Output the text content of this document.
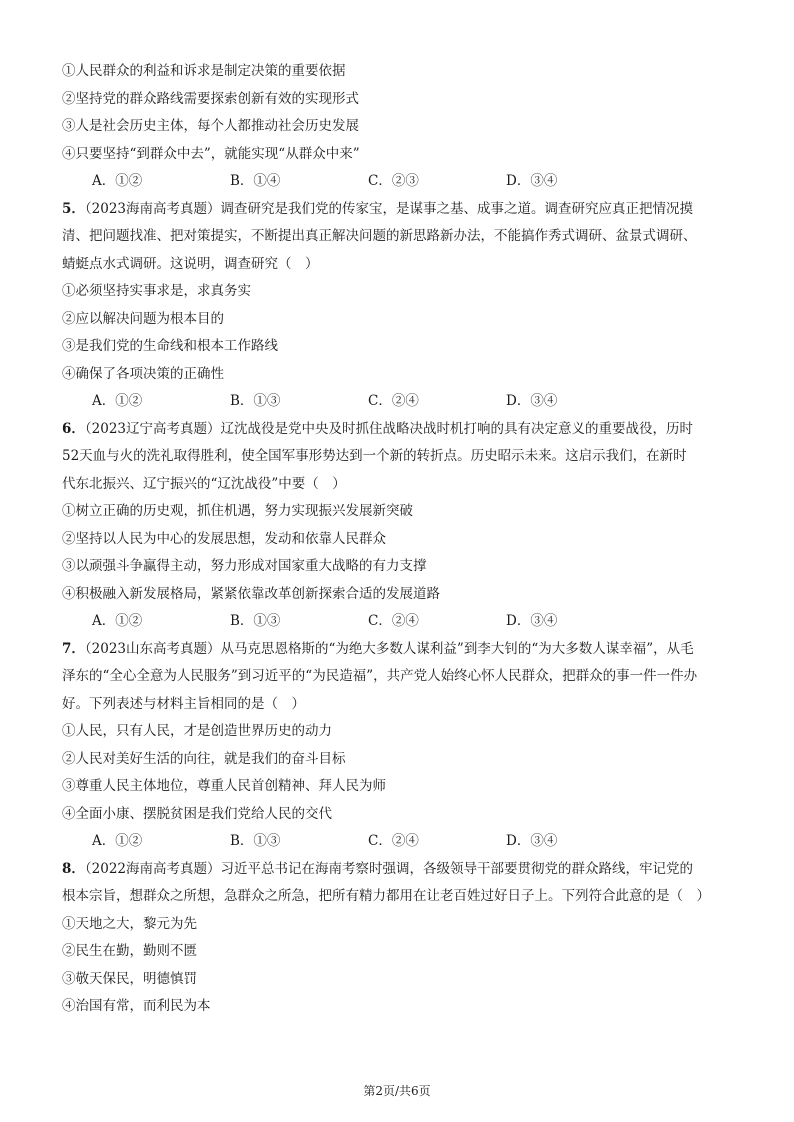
①人民群众的利益和诉求是制定决策的重要依据
②坚持党的群众路线需要探索创新有效的实现形式
③人是社会历史主体，每个人都推动社会历史发展
④只要坚持“到群众中去”，就能实现“从群众中来”
A．①②	B．①④	C．②③	D．③④
5．（2023海南高考真题）调查研究是我们党的传家宝，是谋事之基、成事之道。调查研究应真正把情况摸
清、把问题找准、把对策提实，不断提出真正解决问题的新思路新办法，不能搞作秀式调研、盆景式调研、
蜻蜓点水式调研。这说明，调查研究（　）
①必须坚持实事求是，求真务实
②应以解决问题为根本目的
③是我们党的生命线和根本工作路线
④确保了各项决策的正确性
A．①②	B．①③	C．②④	D．③④
6．（2023辽宁高考真题）辽沈战役是党中央及时抓住战略决战时机打响的具有决定意义的重要战役，历时
52天血与火的洗礼取得胜利，使全国军事形势达到一个新的转折点。历史昭示未来。这启示我们，在新时
代东北振兴、辽宁振兴的“辽沈战役”中要（　）
①树立正确的历史观，抓住机遇，努力实现振兴发展新突破
②坚持以人民为中心的发展思想，发动和依靠人民群众
③以顽强斗争赢得主动，努力形成对国家重大战略的有力支撑
④积极融入新发展格局，紧紧依靠改革创新探索合适的发展道路
A．①②	B．①③	C．②④	D．③④
7．（2023山东高考真题）从马克思恩格斯的“为绝大多数人谋利益”到李大钊的“为大多数人谋幸福”，从毛
泽东的“全心全意为人民服务”到习近平的“为民造福”，共产党人始终心怀人民群众，把群众的事一件一件办
好。下列表述与材料主旨相同的是（　）
①人民，只有人民，才是创造世界历史的动力
②人民对美好生活的向往，就是我们的奋斗目标
③尊重人民主体地位，尊重人民首创精神、拜人民为师
④全面小康、摆脱贫困是我们党给人民的交代
A．①②	B．①③	C．②④	D．③④
8．（2022海南高考真题）习近平总书记在海南考察时强调，各级领导干部要贯彻党的群众路线，牢记党的
根本宗旨，想群众之所想，急群众之所急，把所有精力都用在让老百姓过好日子上。下列符合此意的是（　）
①天地之大，黎元为先
②民生在勤，勤则不匮
③敬天保民，明德慎罚
④治国有常，而利民为本
第2页/共6页
